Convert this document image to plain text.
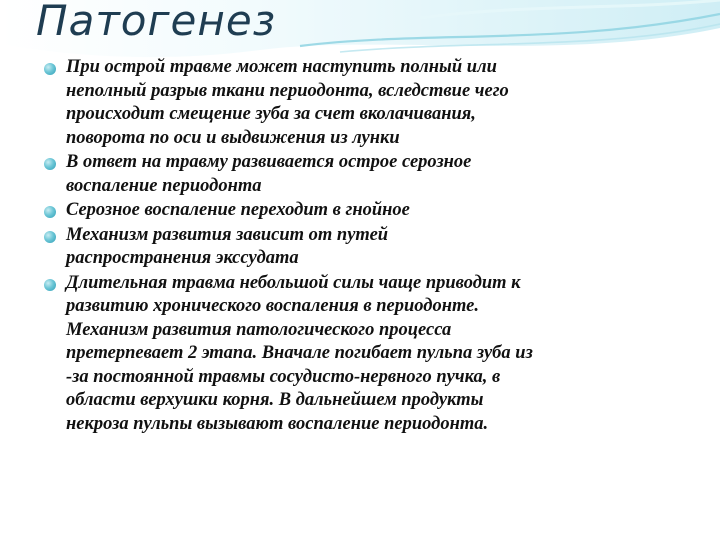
Патогенез
При острой травме может наступить полный или
неполный разрыв ткани периодонта, вследствие чего
происходит смещение зуба за счет вколачивания,
поворота по оси и выдвижения из лунки
В ответ на травму развивается острое серозное
воспаление периодонта
Серозное воспаление переходит в гнойное
Механизм развития зависит от путей
распространения экссудата
Длительная травма небольшой силы чаще приводит к
развитию хронического воспаления в периодонте.
Механизм развития патологического процесса
претерпевает 2 этапа. Вначале погибает пульпа зуба из
-за постоянной травмы сосудисто-нервного пучка, в
области верхушки корня. В дальнейшем продукты
некроза пульпы вызывают воспаление периодонта.
